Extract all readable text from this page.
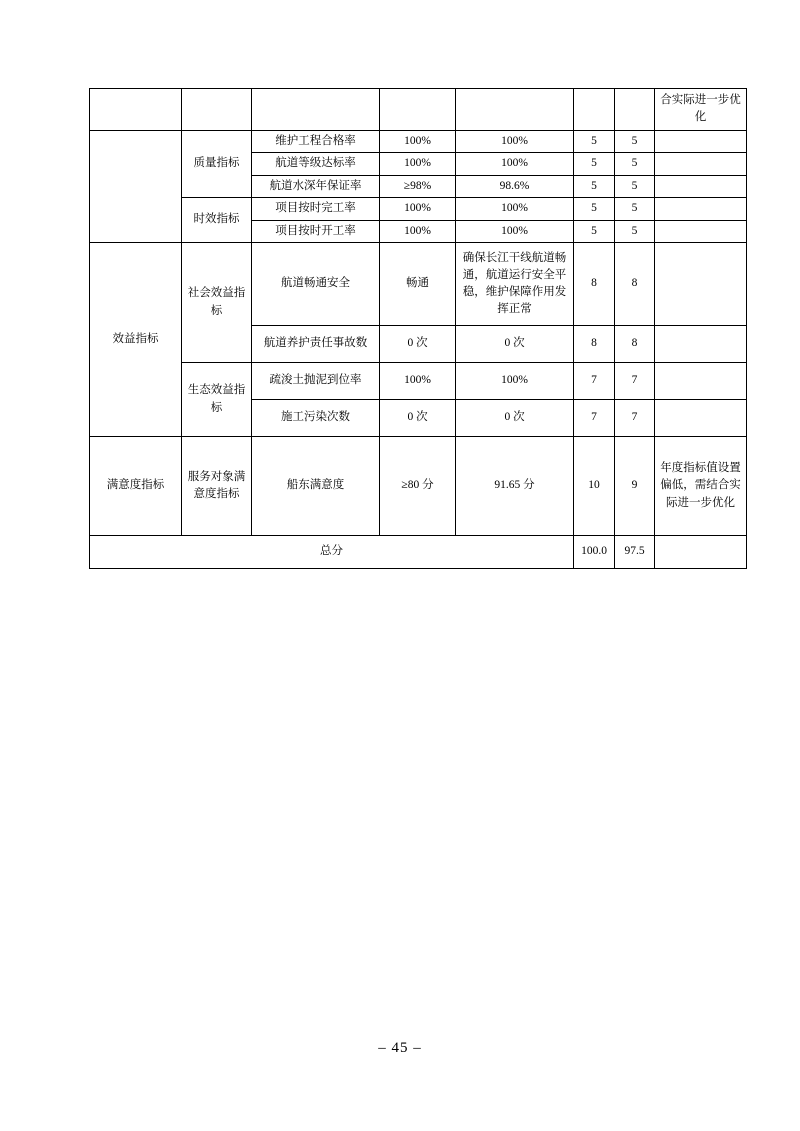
							合实际进一步优化
	质量指标	维护工程合格率	100%	100%	5	5	
		航道等级达标率	100%	100%	5	5	
		航道水深年保证率	≥98%	98.6%	5	5	
	时效指标	项目按时完工率	100%	100%	5	5	
		项目按时开工率	100%	100%	5	5	
效益指标	社会效益指标	航道畅通安全	畅通	确保长江干线航道畅通，航道运行安全平稳，维护保障作用发挥正常	8	8	
		航道养护责任事故数	0 次	0 次	8	8	
	生态效益指标	疏浚土抛泥到位率	100%	100%	7	7	
		施工污染次数	0 次	0 次	7	7	
满意度指标	服务对象满意度指标	船东满意度	≥80 分	91.65 分	10	9	年度指标值设置偏低，需结合实际进一步优化
总分					100.0	97.5	
– 45 –
